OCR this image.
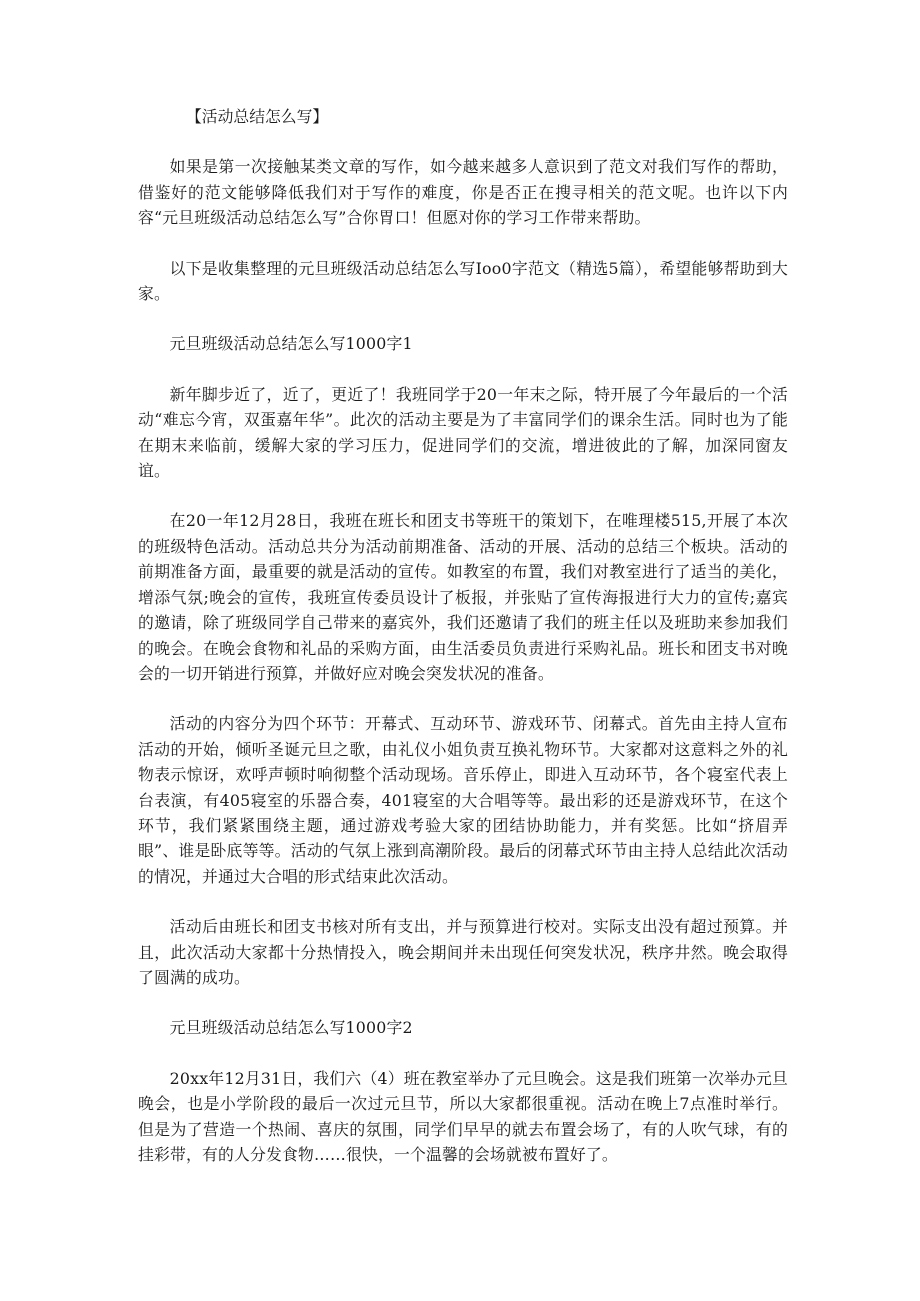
【活动总结怎么写】

如果是第一次接触某类文章的写作，如今越来越多人意识到了范文对我们写作的帮助，借鉴好的范文能够降低我们对于写作的难度，你是否正在搜寻相关的范文呢。也许以下内容“元旦班级活动总结怎么写”合你胃口！但愿对你的学习工作带来帮助。

以下是收集整理的元旦班级活动总结怎么写Ioo0字范文（精选5篇），希望能够帮助到大家。

元旦班级活动总结怎么写1000字1

新年脚步近了，近了，更近了！我班同学于20一年末之际，特开展了今年最后的一个活动“难忘今宵，双蛋嘉年华”。此次的活动主要是为了丰富同学们的课余生活。同时也为了能在期末来临前，缓解大家的学习压力，促进同学们的交流，增进彼此的了解，加深同窗友谊。

在20一年12月28日，我班在班长和团支书等班干的策划下，在唯理楼515,开展了本次的班级特色活动。活动总共分为活动前期准备、活动的开展、活动的总结三个板块。活动的前期准备方面，最重要的就是活动的宣传。如教室的布置，我们对教室进行了适当的美化，增添气氛;晚会的宣传，我班宣传委员设计了板报，并张贴了宣传海报进行大力的宣传;嘉宾的邀请，除了班级同学自己带来的嘉宾外，我们还邀请了我们的班主任以及班助来参加我们的晚会。在晚会食物和礼品的采购方面，由生活委员负责进行采购礼品。班长和团支书对晚会的一切开销进行预算，并做好应对晚会突发状况的准备。

活动的内容分为四个环节：开幕式、互动环节、游戏环节、闭幕式。首先由主持人宣布活动的开始，倾听圣诞元旦之歌，由礼仪小姐负责互换礼物环节。大家都对这意料之外的礼物表示惊讶，欢呼声顿时响彻整个活动现场。音乐停止，即进入互动环节，各个寝室代表上台表演，有405寝室的乐器合奏，401寝室的大合唱等等。最出彩的还是游戏环节，在这个环节，我们紧紧围绕主题，通过游戏考验大家的团结协助能力，并有奖惩。比如“挤眉弄眼”、谁是卧底等等。活动的气氛上涨到高潮阶段。最后的闭幕式环节由主持人总结此次活动的情况，并通过大合唱的形式结束此次活动。

活动后由班长和团支书核对所有支出，并与预算进行校对。实际支出没有超过预算。并且，此次活动大家都十分热情投入，晚会期间并未出现任何突发状况，秩序井然。晚会取得了圆满的成功。

元旦班级活动总结怎么写1000字2

20xx年12月31日，我们六（4）班在教室举办了元旦晚会。这是我们班第一次举办元旦晚会，也是小学阶段的最后一次过元旦节，所以大家都很重视。活动在晚上7点准时举行。但是为了营造一个热闹、喜庆的氛围，同学们早早的就去布置会场了，有的人吹气球，有的挂彩带，有的人分发食物……很快，一个温馨的会场就被布置好了。
